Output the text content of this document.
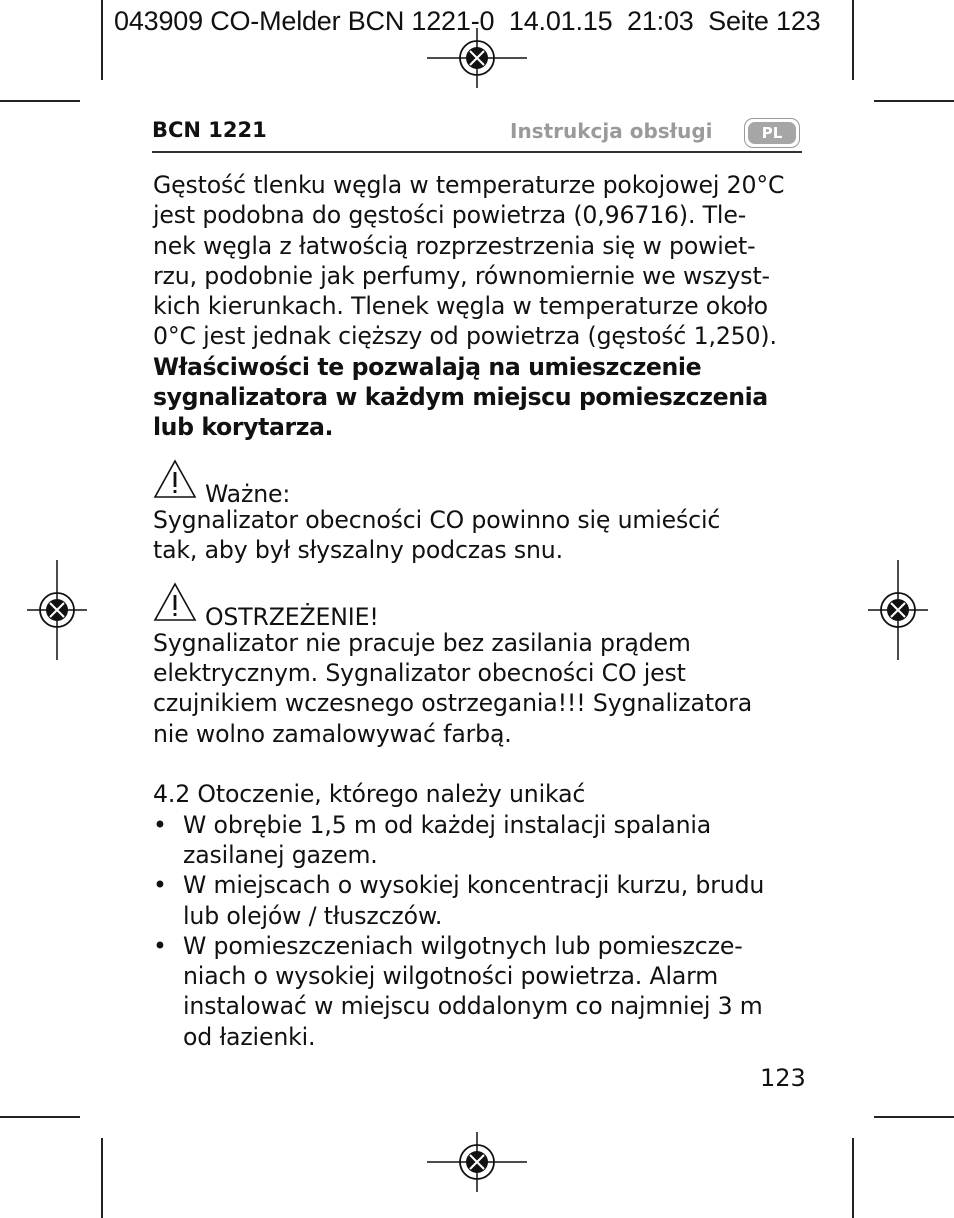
043909 CO-Melder BCN 1221-0  14.01.15  21:03  Seite 123
BCN 1221	Instrukcja obsługi	PL

Gęstość tlenku węgla w temperaturze pokojowej 20°C

jest podobna do gęstości powietrza (0,96716). Tle-

nek węgla z łatwością rozprzestrzenia się w powiet-

rzu, podobnie jak perfumy, równomiernie we wszyst-

kich kierunkach. Tlenek węgla w temperaturze około

0°C jest jednak cięższy od powietrza (gęstość 1,250).

Właściwości te pozwalają na umieszczenie

sygnalizatora w każdym miejscu pomieszczenia

lub korytarza.

Ważne:

Sygnalizator obecności CO powinno się umieścić

tak, aby był słyszalny podczas snu.

OSTRZEŻENIE!

Sygnalizator nie pracuje bez zasilania prądem

elektrycznym. Sygnalizator obecności CO jest

czujnikiem wczesnego ostrzegania!!! Sygnalizatora

nie wolno zamalowywać farbą.

4.2 Otoczenie, którego należy unikać

• W obrębie 1,5 m od każdej instalacji spalania
zasilanej gazem.
• W miejscach o wysokiej koncentracji kurzu, brudu
lub olejów / tłuszczów.
• W pomieszczeniach wilgotnych lub pomieszcze-
niach o wysokiej wilgotności powietrza. Alarm
instalować w miejscu oddalonym co najmniej 3 m
od łazienki.
123
